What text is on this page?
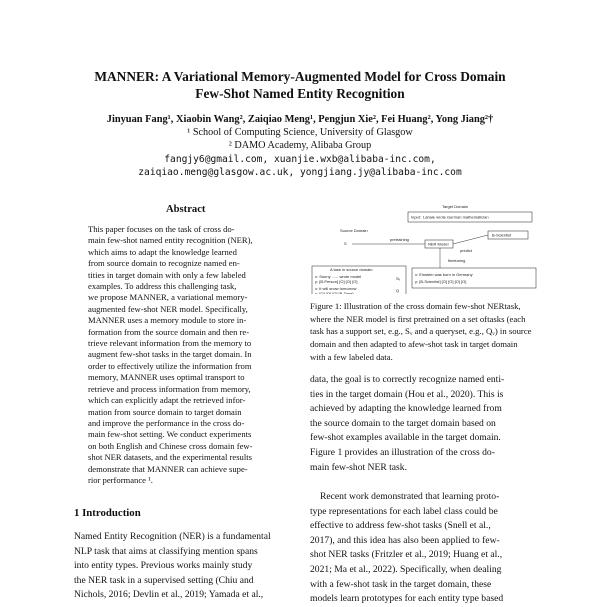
MANNER: A Variational Memory-Augmented Model for Cross Domain
Few-Shot Named Entity Recognition
Jinyuan Fang¹, Xiaobin Wang², Zaiqiao Meng¹, Pengjun Xie², Fei Huang², Yong Jiang²†
¹ School of Computing Science, University of Glasgow
² DAMO Academy, Alibaba Group
fangjy6@gmail.com, xuanjie.wxb@alibaba-inc.com,
zaiqiao.meng@glasgow.ac.uk, yongjiang.jy@alibaba-inc.com
Abstract
This paper focuses on the task of cross do-
main few-shot named entity recognition (NER),
which aims to adapt the knowledge learned
from source domain to recognize named en-
tities in target domain with only a few labeled
examples. To address this challenging task,
we propose MANNER, a variational memory-
augmented few-shot NER model. Specifically,
MANNER uses a memory module to store in-
formation from the source domain and then re-
trieve relevant information from the memory to
augment few-shot tasks in the target domain. In
order to effectively utilize the information from
memory, MANNER uses optimal transport to
retrieve and process information from memory,
which can explicitly adapt the retrieved infor-
mation from source domain to target domain
and improve the performance in the cross do-
main few-shot setting. We conduct experiments
on both English and Chinese cross domain few-
shot NER datasets, and the experimental results
demonstrate that MANNER can achieve supe-
rior performance ¹.
1 Introduction
Named Entity Recognition (NER) is a fundamental
NLP task that aims at classifying mention spans
into entity types. Previous works mainly study
the NER task in a supervised setting (Chiu and
Nichols, 2016; Devlin et al., 2019; Yamada et al.,
Target Domain
Input: Lahaie wrote German mathematician
B-Scientist
Source Domain
S
pretraining
NER Model
predict
finetuning
A task in source domain
x: Sunny ...... wrote model
y: [B-Person] [O] [O] [O]
x: It will snow tomorrow
y: [O] [O] [O] [B-Time]
Sᵥ
Q
x: Einstein was born in Germany
y: [B-Scientist] [O] [O] [O] [O]
Figure 1: Illustration of the cross domain few-shot NERtask, where the NER model is first pretrained on a set oftasks (each task has a support set, e.g., Sᵥ and a queryset, e.g., Qᵥ) in source domain and then adapted to afew-shot task in target domain with a few labeled data.
data, the goal is to correctly recognize named enti-
ties in the target domain (Hou et al., 2020). This is
achieved by adapting the knowledge learned from
the source domain to the target domain based on
few-shot examples available in the target domain.
Figure 1 provides an illustration of the cross do-
main few-shot NER task.
Recent work demonstrated that learning proto-
type representations for each label class could be
effective to address few-shot tasks (Snell et al.,
2017), and this idea has also been applied to few-
shot NER tasks (Fritzler et al., 2019; Huang et al.,
2021; Ma et al., 2022). Specifically, when dealing
with a few-shot task in the target domain, these
models learn prototypes for each entity type based
